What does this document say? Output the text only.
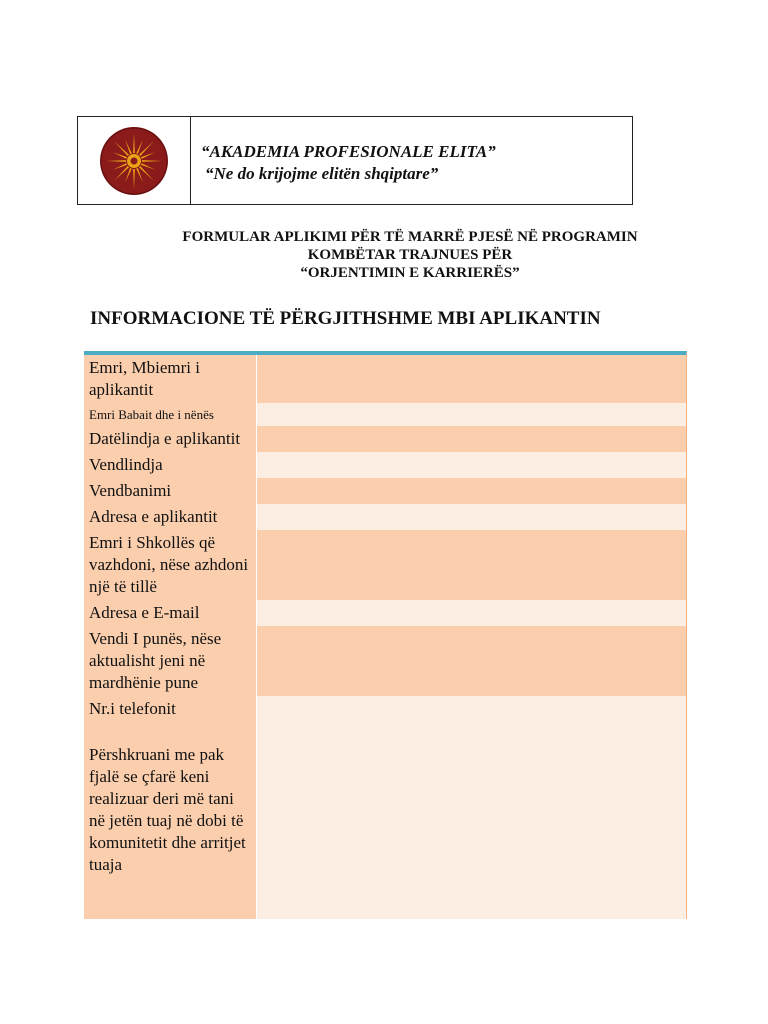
“AKADEMIA PROFESIONALE ELITA”
“Ne do krijojme elitën shqiptare”
FORMULAR APLIKIMI PËR TË MARRË PJESË NË PROGRAMIN
KOMBËTAR TRAJNUES PËR
“ORJENTIMIN E KARRIERËS”
INFORMACIONE TË PËRGJITHSHME MBI APLIKANTIN
Emri, Mbiemri i aplikantit
Emri Babait dhe i nënës
Datëlindja e aplikantit
Vendlindja
Vendbanimi
Adresa e aplikantit
Emri i Shkollës që vazhdoni, nëse azhdoni një të tillë
Adresa e E-mail
Vendi I punës, nëse aktualisht jeni në mardhënie pune
Nr.i telefonit
Përshkruani me pak fjalë se çfarë keni realizuar deri më tani në jetën tuaj në dobi të komunitetit dhe arritjet tuaja
